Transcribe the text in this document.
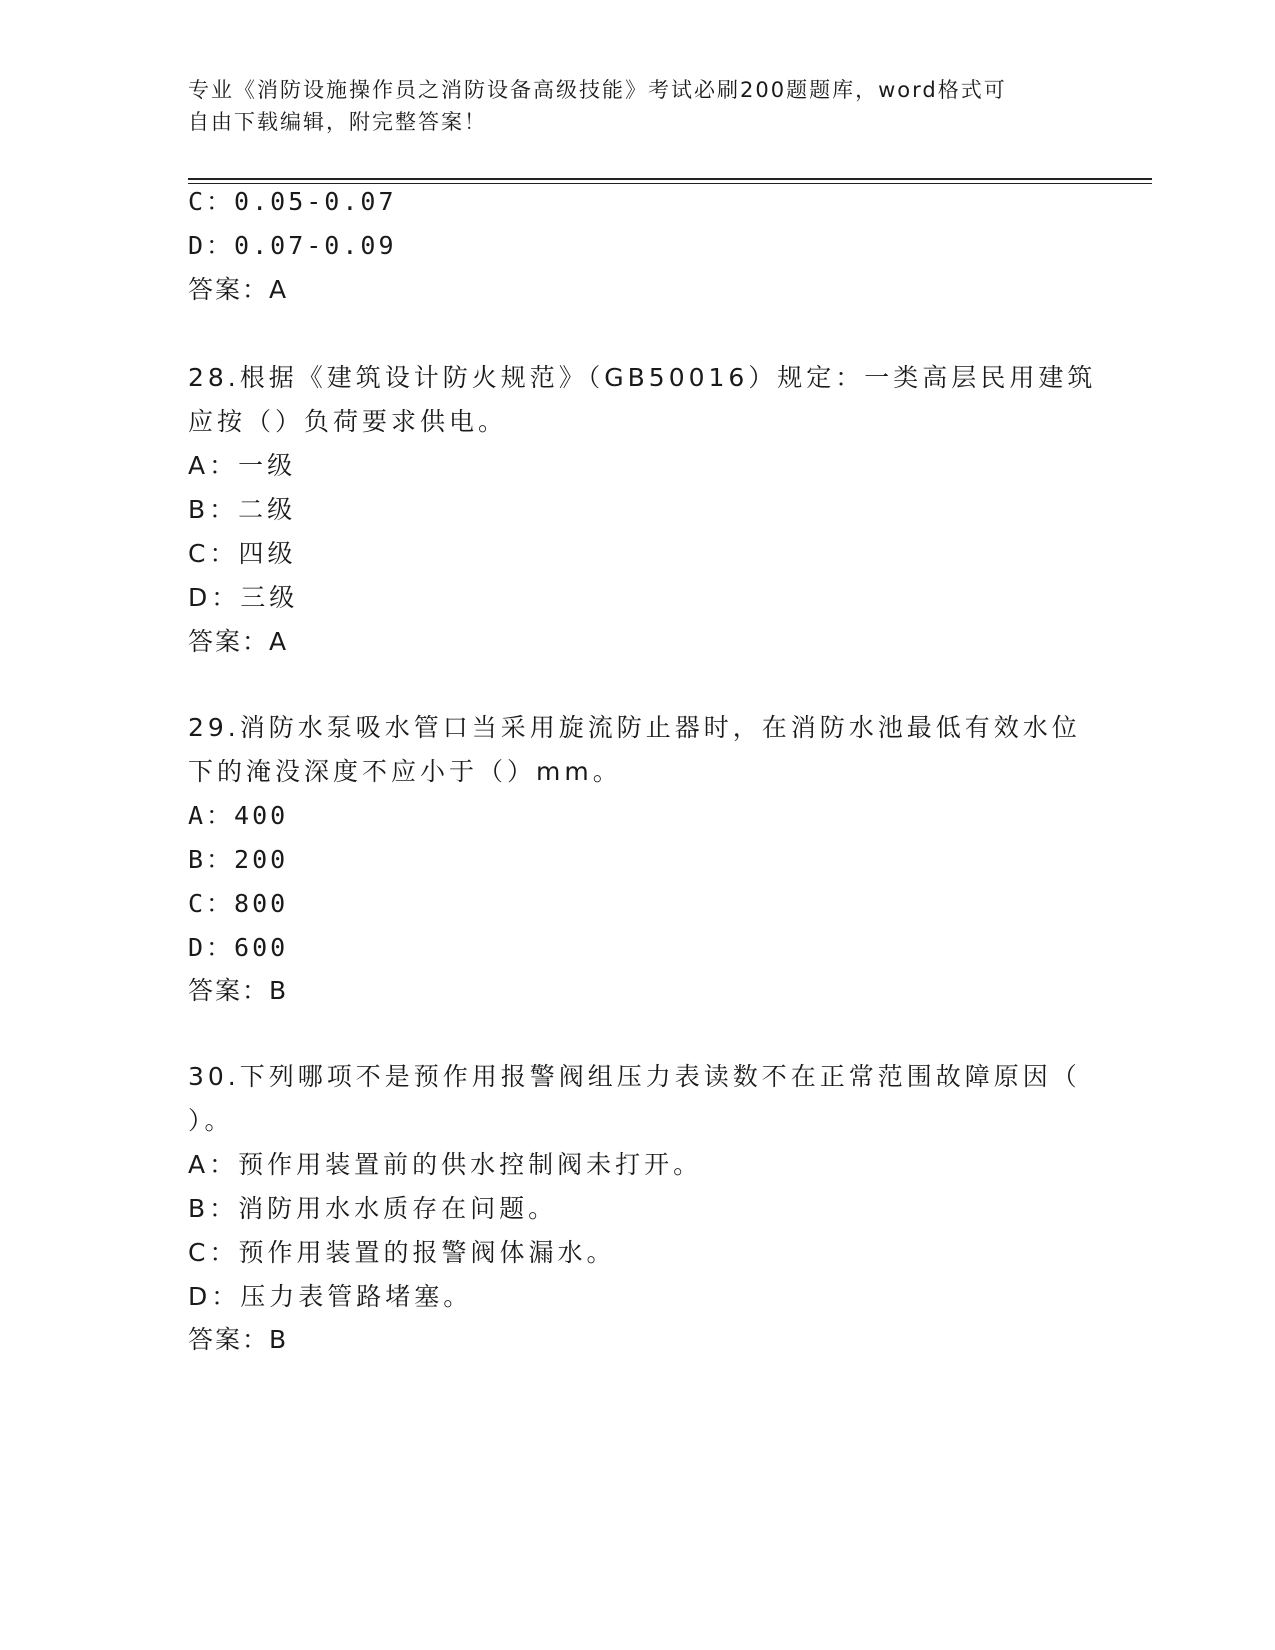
专业《消防设施操作员之消防设备高级技能》考试必刷200题题库，word格式可
自由下载编辑，附完整答案！
C：0.05-0.07
D：0.07-0.09
答案：A
28.根据《建筑设计防火规范》（GB50016）规定：一类高层民用建筑
应按（）负荷要求供电。
A：一级
B：二级
C：四级
D：三级
答案：A
29.消防水泵吸水管口当采用旋流防止器时，在消防水池最低有效水位
下的淹没深度不应小于（）mm。
A：400
B：200
C：800
D：600
答案：B
30.下列哪项不是预作用报警阀组压力表读数不在正常范围故障原因（
）。
A：预作用装置前的供水控制阀未打开。
B：消防用水水质存在问题。
C：预作用装置的报警阀体漏水。
D：压力表管路堵塞。
答案：B
